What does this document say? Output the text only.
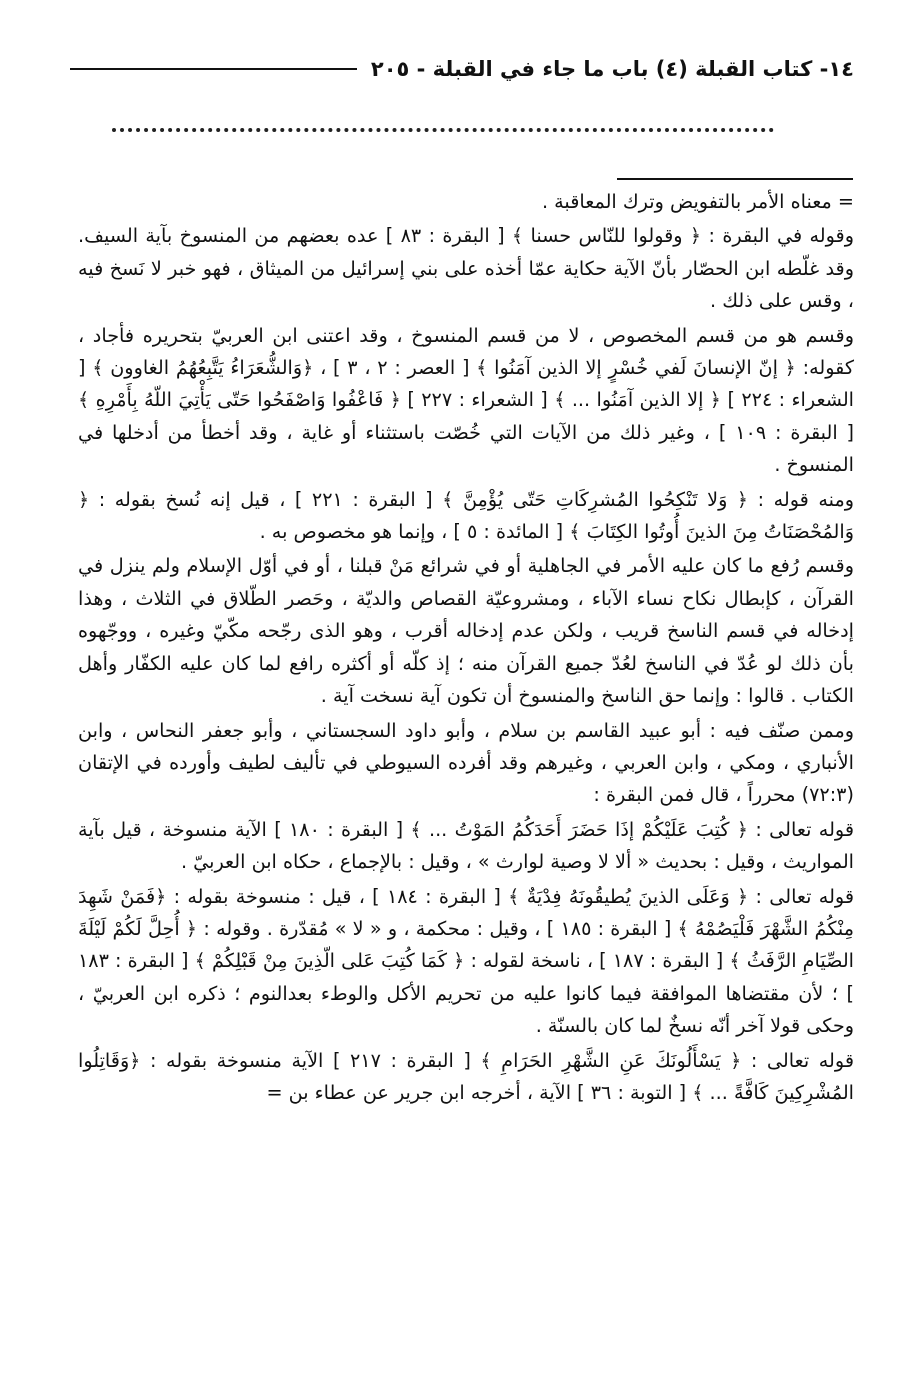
١٤- كتاب القبلة (٤) باب ما جاء في القبلة - ٢٠٥

= معناه الأمر بالتفويض وترك المعاقبة .

وقوله في البقرة : ﴿ وقولوا للنّاس حسنا ﴾ [ البقرة : ٨٣ ] عده بعضهم من المنسوخ بآية السيف. وقد غلّطه ابن الحصّار بأنّ الآية حكاية عمّا أخذه على بني إسرائيل من الميثاق ، فهو خبر لا نَسخ فيه ، وقس على ذلك .

وقسم هو من قسم المخصوص ، لا من قسم المنسوخ ، وقد اعتنى ابن العربيّ بتحريره فأجاد ، كقوله: ﴿ إنّ الإنسانَ لَفي خُسْرٍ إلا الذين آمَنُوا ﴾ [ العصر : ٢ ، ٣ ] ، ﴿وَالشُّعَرَاءُ يَتَّبِعُهُمُ الغاوون ﴾ [ الشعراء : ٢٢٤ ] ﴿ إلا الذين آمَنُوا ... ﴾ [ الشعراء : ٢٢٧ ] ﴿ فَاعْفُوا وَاصْفَحُوا حَتّى يَأْتِيَ اللّهُ بِأَمْرِهِ ﴾ [ البقرة : ١٠٩ ] ، وغير ذلك من الآيات التي خُصّت باستثناء أو غاية ، وقد أخطأ من أدخلها في المنسوخ .

ومنه قوله : ﴿ وَلا تَنْكِحُوا المُشرِكَاتِ حَتّى يُؤْمِنَّ ﴾ [ البقرة : ٢٢١ ] ، قيل إنه نُسخ بقوله : ﴿ وَالمُحْصَنَاتُ مِنَ الذينَ أُوتُوا الكِتَابَ ﴾ [ المائدة : ٥ ] ، وإنما هو مخصوص به .

وقسم رُفع ما كان عليه الأمر في الجاهلية أو في شرائع مَنْ قبلنا ، أو في أوّل الإسلام ولم ينزل في القرآن ، كإبطال نكاح نساء الآباء ، ومشروعيّة القصاص والديّة ، وحَصر الطّلاق في الثلاث ، وهذا إدخاله في قسم الناسخ قريب ، ولكن عدم إدخاله أقرب ، وهو الذى رجّحه مكّيّ وغيره ، ووجّهوه بأن ذلك لو عُدّ في الناسخ لعُدّ جميع القرآن منه ؛ إذ كلّه أو أكثره رافع لما كان عليه الكفّار وأهل الكتاب . قالوا : وإنما حق الناسخ والمنسوخ أن تكون آية نسخت آية .

وممن صنّف فيه : أبو عبيد القاسم بن سلام ، وأبو داود السجستاني ، وأبو جعفر النحاس ، وابن الأنباري ، ومكي ، وابن العربي ، وغيرهم وقد أفرده السيوطي في تأليف لطيف وأورده في الإتقان (٧٢:٣) محرراً ، قال فمن البقرة :

قوله تعالى : ﴿ كُتِبَ عَلَيْكُمْ إذَا حَضَرَ أَحَدَكُمُ المَوْتُ ... ﴾ [ البقرة : ١٨٠ ] الآية منسوخة ، قيل بآية المواريث ، وقيل : بحديث « ألا لا وصية لوارث » ، وقيل : بالإجماع ، حكاه ابن العربيّ .

قوله تعالى : ﴿ وَعَلَى الذينَ يُطيقُونَهُ فِدْيَةٌ ﴾ [ البقرة : ١٨٤ ] ، قيل : منسوخة بقوله : ﴿فَمَنْ شَهِدَ مِنْكُمُ الشَّهْرَ فَلْيَصُمْهُ ﴾ [ البقرة : ١٨٥ ] ، وقيل : محكمة ، و « لا » مُقدّرة . وقوله : ﴿ أُحِلَّ لَكُمْ لَيْلَةَ الصِّيَامِ الرَّفَثُ ﴾ [ البقرة : ١٨٧ ] ، ناسخة لقوله : ﴿ كَمَا كُتِبَ عَلى الّذِينَ مِنْ قَبْلِكُمْ ﴾ [ البقرة : ١٨٣ ] ؛ لأن مقتضاها الموافقة فيما كانوا عليه من تحريم الأكل والوطء بعدالنوم ؛ ذكره ابن العربيّ ، وحكى قولا آخر أنّه نسخٌ لما كان بالسنّة .

قوله تعالى : ﴿ يَسْأَلُونَكَ عَنِ الشَّهْرِ الحَرَامِ ﴾ [ البقرة : ٢١٧ ] الآية منسوخة بقوله : ﴿وَقَاتِلُوا المُشْرِكِينَ كَافَّةً ... ﴾ [ التوبة : ٣٦ ] الآية ، أخرجه ابن جرير عن عطاء بن =
